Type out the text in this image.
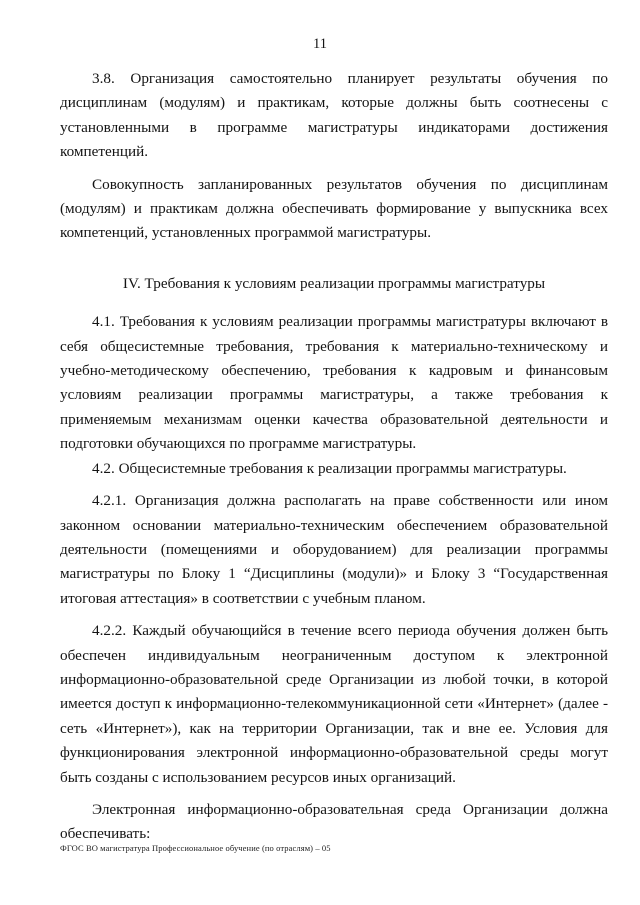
11

3.8. Организация самостоятельно планирует результаты обучения по дисциплинам (модулям) и практикам, которые должны быть соотнесены с установленными в программе магистратуры индикаторами достижения компетенций.

Совокупность запланированных результатов обучения по дисциплинам (модулям) и практикам должна обеспечивать формирование у выпускника всех компетенций, установленных программой магистратуры.

IV. Требования к условиям реализации программы магистратуры

4.1. Требования к условиям реализации программы магистратуры включают в себя общесистемные требования, требования к материально-техническому и учебно-методическому обеспечению, требования к кадровым и финансовым условиям реализации программы магистратуры, а также требования к применяемым механизмам оценки качества образовательной деятельности и подготовки обучающихся по программе магистратуры.

4.2. Общесистемные требования к реализации программы магистратуры.

4.2.1. Организация должна располагать на праве собственности или ином законном основании материально-техническим обеспечением образовательной деятельности (помещениями и оборудованием) для реализации программы магистратуры по Блоку 1 “Дисциплины (модули)» и Блоку 3 “Государственная итоговая аттестация» в соответствии с учебным планом.

4.2.2. Каждый обучающийся в течение всего периода обучения должен быть обеспечен индивидуальным неограниченным доступом к электронной информационно-образовательной среде Организации из любой точки, в которой имеется доступ к информационно-телекоммуникационной сети «Интернет» (далее - сеть «Интернет»), как на территории Организации, так и вне ее. Условия для функционирования электронной информационно-образовательной среды могут быть созданы с использованием ресурсов иных организаций.

Электронная информационно-образовательная среда Организации должна обеспечивать:

ФГОС ВО магистратура Профессиональное обучение (по отраслям) – 05
